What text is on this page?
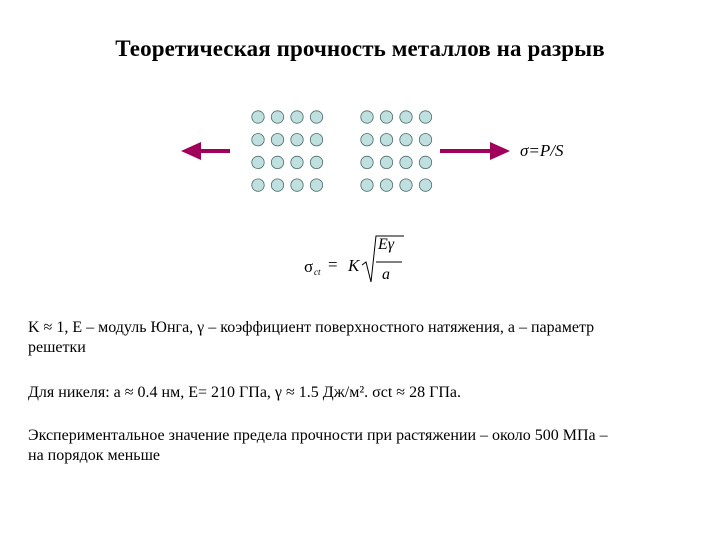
Теоретическая прочность металлов на разрыв
σ=P/S
σ ct = K
Eγ
a
K ≈ 1, E – модуль Юнга, γ – коэффициент поверхностного натяжения, a – параметр
решетки
Для никеля: a ≈ 0.4 нм, E= 210 ГПа, γ ≈ 1.5 Дж/м². σct ≈ 28 ГПа.
Экспериментальное значение предела прочности при растяжении – около 500 МПа –
на порядок меньше
